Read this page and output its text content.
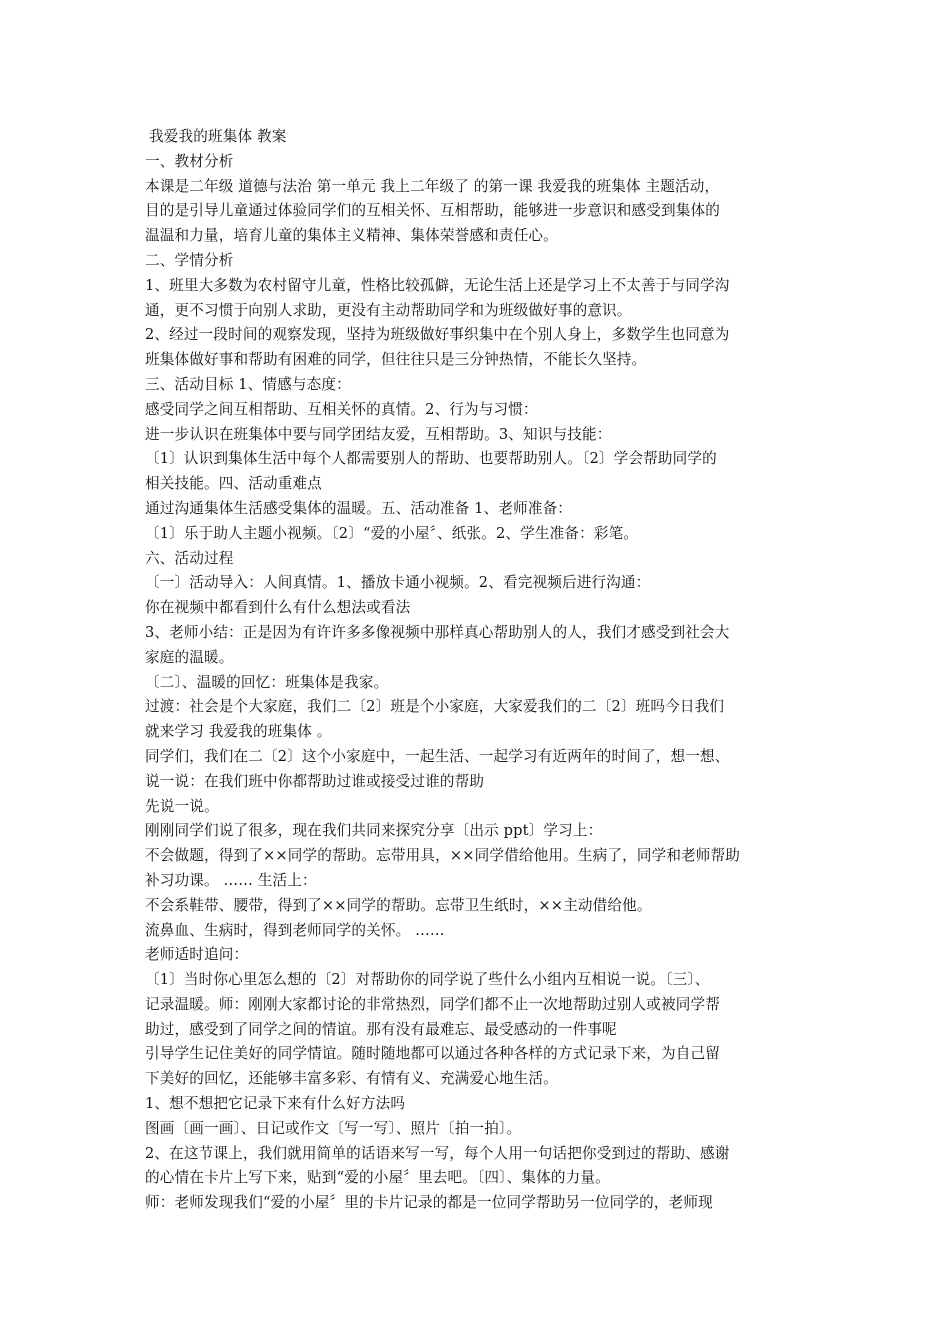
我爱我的班集体 教案
一、教材分析
本课是二年级 道德与法治 第一单元 我上二年级了 的第一课 我爱我的班集体 主题活动，
目的是引导儿童通过体验同学们的互相关怀、互相帮助，能够进一步意识和感受到集体的
温温和力量，培育儿童的集体主义精神、集体荣誉感和责任心。
二、学情分析
1、班里大多数为农村留守儿童，性格比较孤僻，无论生活上还是学习上不太善于与同学沟
通，更不习惯于向别人求助，更没有主动帮助同学和为班级做好事的意识。
2、经过一段时间的观察发现，坚持为班级做好事织集中在个别人身上，多数学生也同意为
班集体做好事和帮助有困难的同学，但往往只是三分钟热情，不能长久坚持。
三、活动目标 1、情感与态度：
感受同学之间互相帮助、互相关怀的真情。2、行为与习惯：
进一步认识在班集体中要与同学团结友爱，互相帮助。3、知识与技能：
〔1〕认识到集体生活中每个人都需要别人的帮助、也要帮助别人。〔2〕学会帮助同学的
相关技能。四、活动重难点
通过沟通集体生活感受集体的温暖。五、活动准备 1、老师准备：
〔1〕乐于助人主题小视频。〔2〕“爱的小屋〞、纸张。2、学生准备：彩笔。
六、活动过程
〔一〕活动导入：人间真情。1、播放卡通小视频。2、看完视频后进行沟通：
你在视频中都看到什么有什么想法或看法
3、老师小结：正是因为有许许多多像视频中那样真心帮助别人的人，我们才感受到社会大
家庭的温暖。
〔二〕、温暖的回忆：班集体是我家。
过渡：社会是个大家庭，我们二〔2〕班是个小家庭，大家爱我们的二〔2〕班吗今日我们
就来学习 我爱我的班集体 。
同学们，我们在二〔2〕这个小家庭中，一起生活、一起学习有近两年的时间了，想一想、
说一说：在我们班中你都帮助过谁或接受过谁的帮助
先说一说。
刚刚同学们说了很多，现在我们共同来探究分享〔出示 ppt〕学习上：
不会做题，得到了××同学的帮助。忘带用具，××同学借给他用。生病了，同学和老师帮助
补习功课。 …… 生活上：
不会系鞋带、腰带，得到了××同学的帮助。忘带卫生纸时，××主动借给他。
流鼻血、生病时，得到老师同学的关怀。 ……
老师适时追问：
〔1〕当时你心里怎么想的〔2〕对帮助你的同学说了些什么小组内互相说一说。〔三〕、
记录温暖。师：刚刚大家都讨论的非常热烈，同学们都不止一次地帮助过别人或被同学帮
助过，感受到了同学之间的情谊。那有没有最难忘、最受感动的一件事呢
引导学生记住美好的同学情谊。随时随地都可以通过各种各样的方式记录下来，为自己留
下美好的回忆，还能够丰富多彩、有情有义、充满爱心地生活。
1、想不想把它记录下来有什么好方法吗
图画〔画一画〕、日记或作文〔写一写〕、照片〔拍一拍〕。
2、在这节课上，我们就用简单的话语来写一写，每个人用一句话把你受到过的帮助、感谢
的心情在卡片上写下来，贴到“爱的小屋〞里去吧。〔四〕、集体的力量。
师：老师发现我们“爱的小屋〞里的卡片记录的都是一位同学帮助另一位同学的，老师现
